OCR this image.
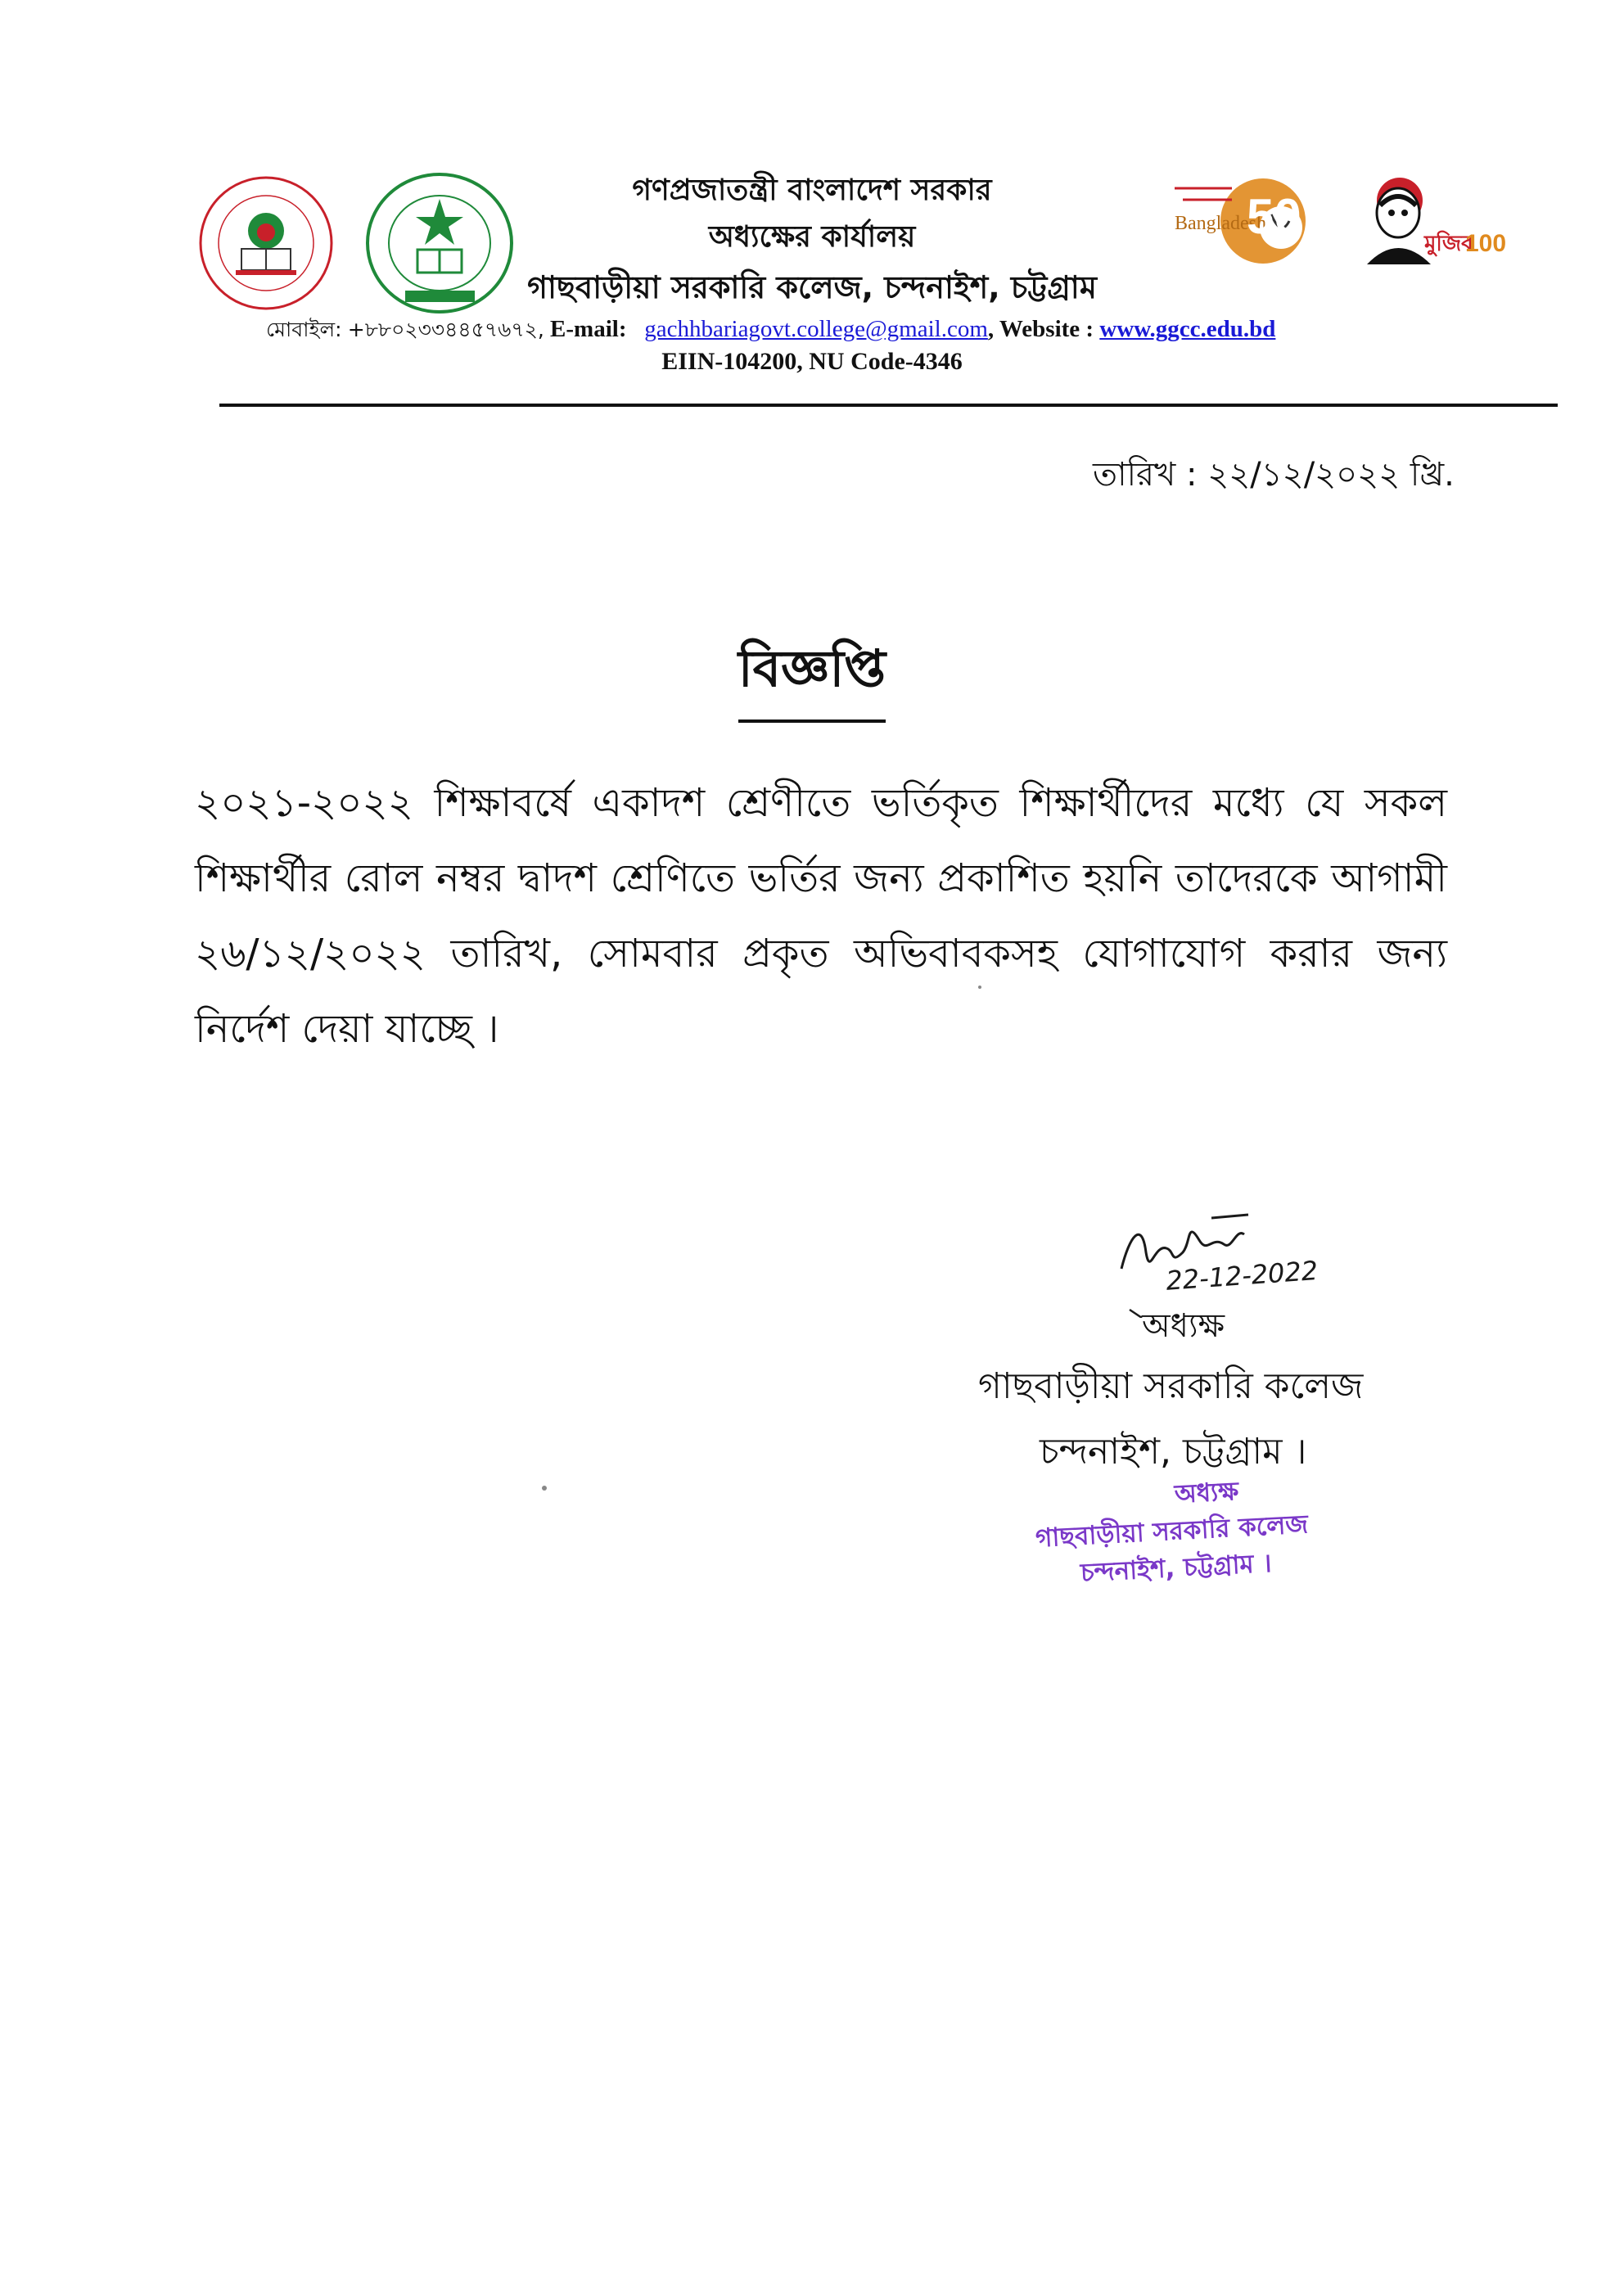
গণপ্রজাতন্ত্রী বাংলাদেশ সরকার
অধ্যক্ষের কার্যালয়
গাছবাড়ীয়া সরকারি কলেজ, চন্দনাইশ, চট্টগ্রাম
Bangladesh
50	মুজিব
100
মোবাইল: +৮৮০২৩৩৪৪৫৭৬৭২, E-mail: gachhbariagovt.college@gmail.com, Website : www.ggcc.edu.bd
EIIN-104200, NU Code-4346
তারিখ : ২২/১২/২০২২ খ্রি.
বিজ্ঞপ্তি
২০২১-২০২২ শিক্ষাবর্ষে একাদশ শ্রেণীতে ভর্তিকৃত শিক্ষার্থীদের মধ্যে যে সকল শিক্ষার্থীর রোল নম্বর দ্বাদশ শ্রেণিতে ভর্তির জন্য প্রকাশিত হয়নি তাদেরকে আগামী ২৬/১২/২০২২ তারিখ, সোমবার প্রকৃত অভিবাবকসহ যোগাযোগ করার জন্য নির্দেশ দেয়া যাচ্ছে ।
22-12-2022
অধ্যক্ষ
গাছবাড়ীয়া সরকারি কলেজ
চন্দনাইশ, চট্টগ্রাম ।
অধ্যক্ষ
গাছবাড়ীয়া সরকারি কলেজ
চন্দনাইশ, চট্টগ্রাম ।
